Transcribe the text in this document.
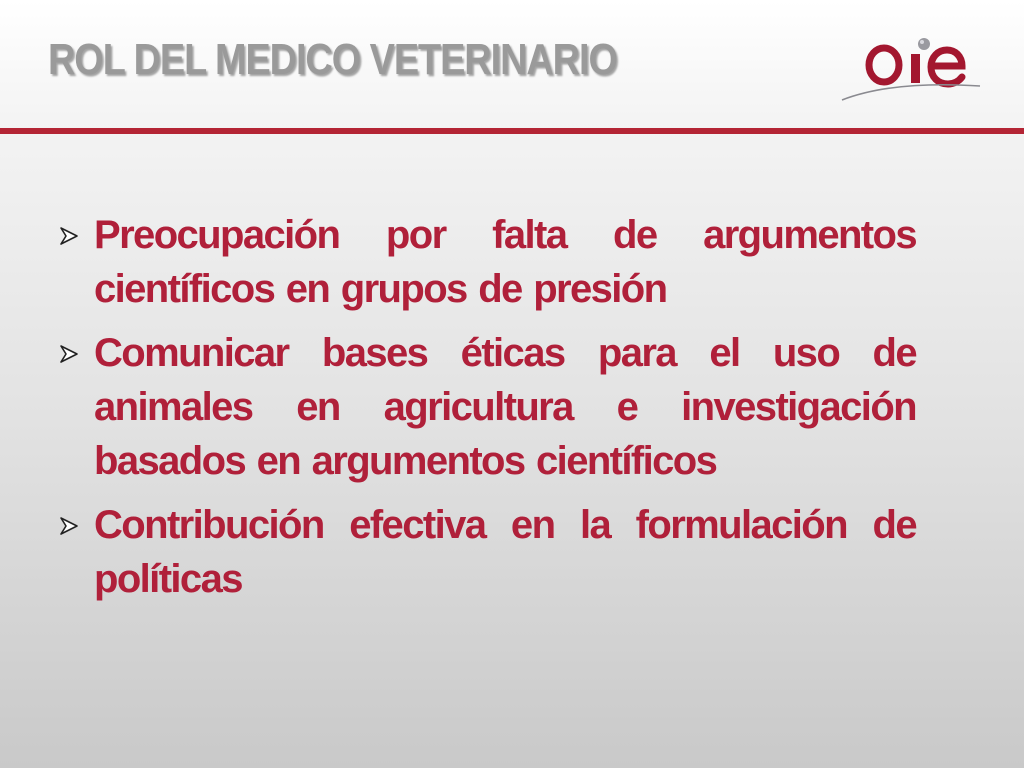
ROL DEL MEDICO VETERINARIO
Preocupación por falta de argumentos científicos en grupos de presión
Comunicar bases éticas para el uso de animales en agricultura e investigación basados en argumentos científicos
Contribución efectiva en la formulación de políticas
